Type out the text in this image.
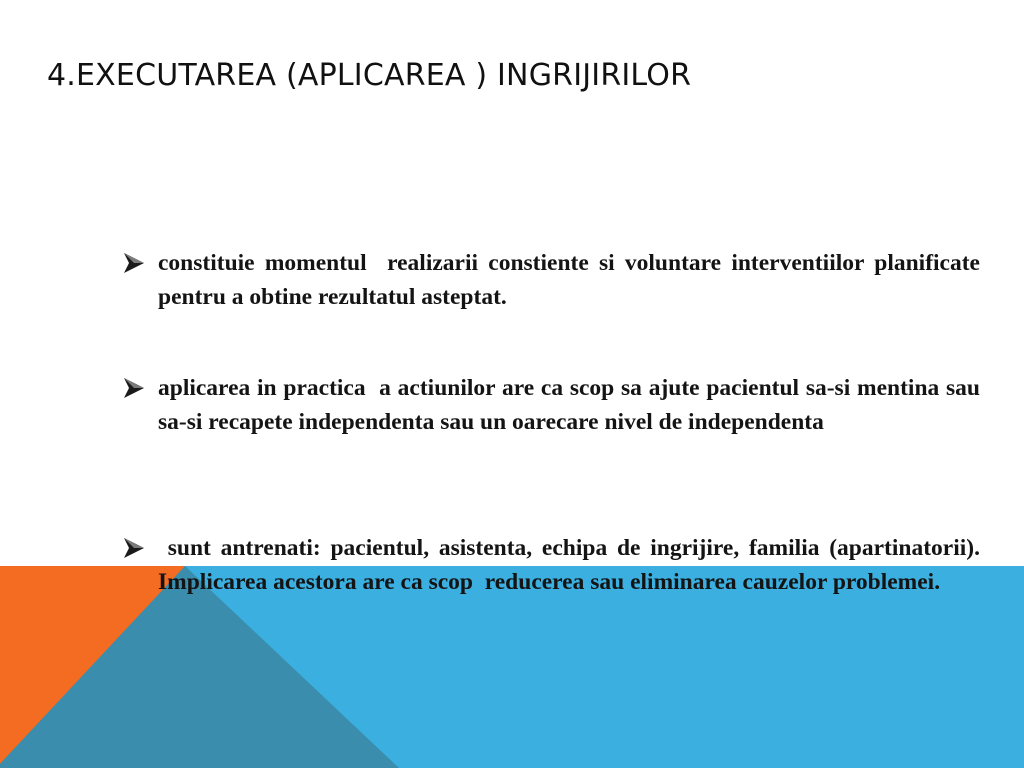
4.EXECUTAREA (APLICAREA ) INGRIJIRILOR
constituie momentul  realizarii constiente si voluntare interventiilor planificate pentru a obtine rezultatul asteptat.
aplicarea in practica  a actiunilor are ca scop sa ajute pacientul sa-si mentina sau sa-si recapete independenta sau un oarecare nivel de independenta
sunt antrenati: pacientul, asistenta, echipa de ingrijire, familia (apartinatorii). Implicarea acestora are ca scop  reducerea sau eliminarea cauzelor problemei.
